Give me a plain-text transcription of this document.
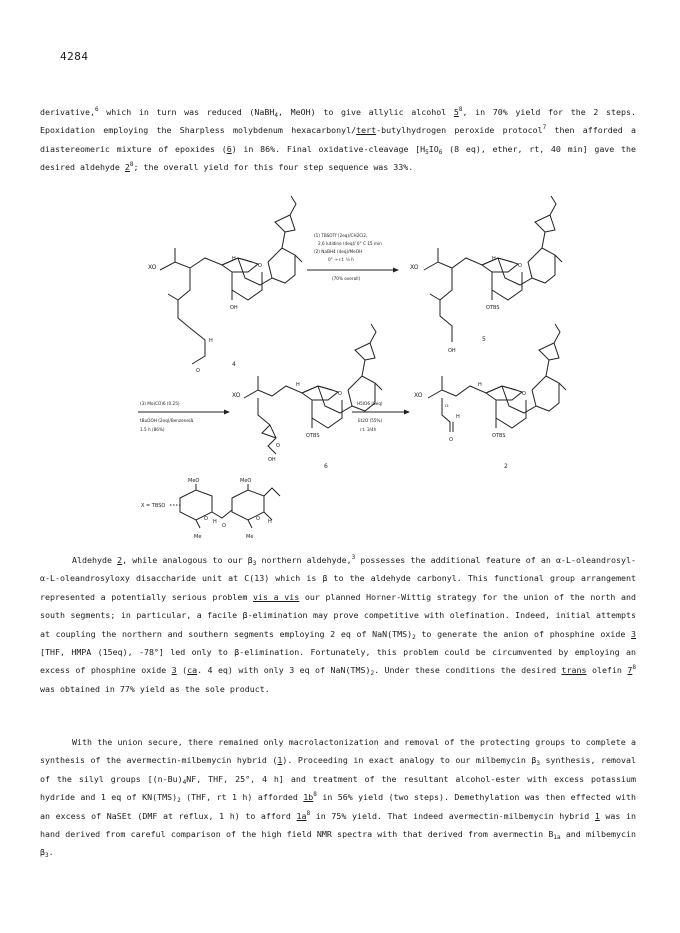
4284

derivative,$^6$ which in turn was reduced (NaBH$_4$, MeOH) to give allylic alcohol $5^8$, in 70% yield for the 2 steps. Epoxidation employing the Sharpless molybdenum hexacarbonyl/tert-butylhydrogen peroxide protocol$^7$ then afforded a diastereomeric mixture of epoxides (6) in 86%. Final oxidative-cleavage [$H_5IO_6$ (8 eq), ether, rt, 40 min] gave the desired aldehyde $2^8$; the overall yield for this four step sequence was 33%.

XO
H
O
OH
H
O
4
(1) TBSOTf (2eq)/CH2Cl2,
2,6 lutidine (4eq)/ 0° C 15 min
(2) NaBH4 (4eq)/MeOH
0° → r.t. ½ h
(70% overall)
XO
H
O
OTBS
OH
5
(3) Mo(CO)6 (0.25)
tBuOOH (2eq)/Benzene/Δ
1.5 h (86%)
XO
H
O
OTBS
O
OH
6
H5IO6 (8eq)
Et2O (55%)
r.t. 3/4h
XO
13
H
O
H
O
OTBS
2
MeO	MeO
X = TBSO
O H
O
O H
Me	Me

Aldehyde 2, while analogous to our $\beta_3$ northern aldehyde,$^3$ possesses the additional feature of an α-L-oleandrosyl-α-L-oleandrosyloxy disaccharide unit at C(13) which is β to the aldehyde carbonyl. This functional group arrangement represented a potentially serious problem vis a vis our planned Horner-Wittig strategy for the union of the north and south segments; in particular, a facile β-elimination may prove competitive with olefination. Indeed, initial attempts at coupling the northern and southern segments employing 2 eq of $NaN(TMS)_2$ to generate the anion of phosphine oxide 3 [THF, HMPA (15eq), -78°] led only to β-elimination. Fortunately, this problem could be circumvented by employing an excess of phosphine oxide 3 (ca. 4 eq) with only 3 eq of $NaN(TMS)_2$. Under these conditions the desired trans olefin $7^8$ was obtained in 77% yield as the sole product.

With the union secure, there remained only macrolactonization and removal of the protecting groups to complete a synthesis of the avermectin-milbemycin hybrid (1). Proceeding in exact analogy to our milbemycin $\beta_3$ synthesis, removal of the silyl groups [$(n-Bu)_4NF$, THF, 25°, 4 h] and treatment of the resultant alcohol-ester with excess potassium hydride and 1 eq of $KN(TMS)_2$ (THF, rt 1 h) afforded $1b^8$ in 56% yield (two steps). Demethylation was then effected with an excess of NaSEt (DMF at reflux, 1 h) to afford $1a^8$ in 75% yield. That indeed avermectin-milbemycin hybrid 1 was in hand derived from careful comparison of the high field NMR spectra with that derived from avermectin $B_{1a}$ and milbemycin $\beta_3$.
